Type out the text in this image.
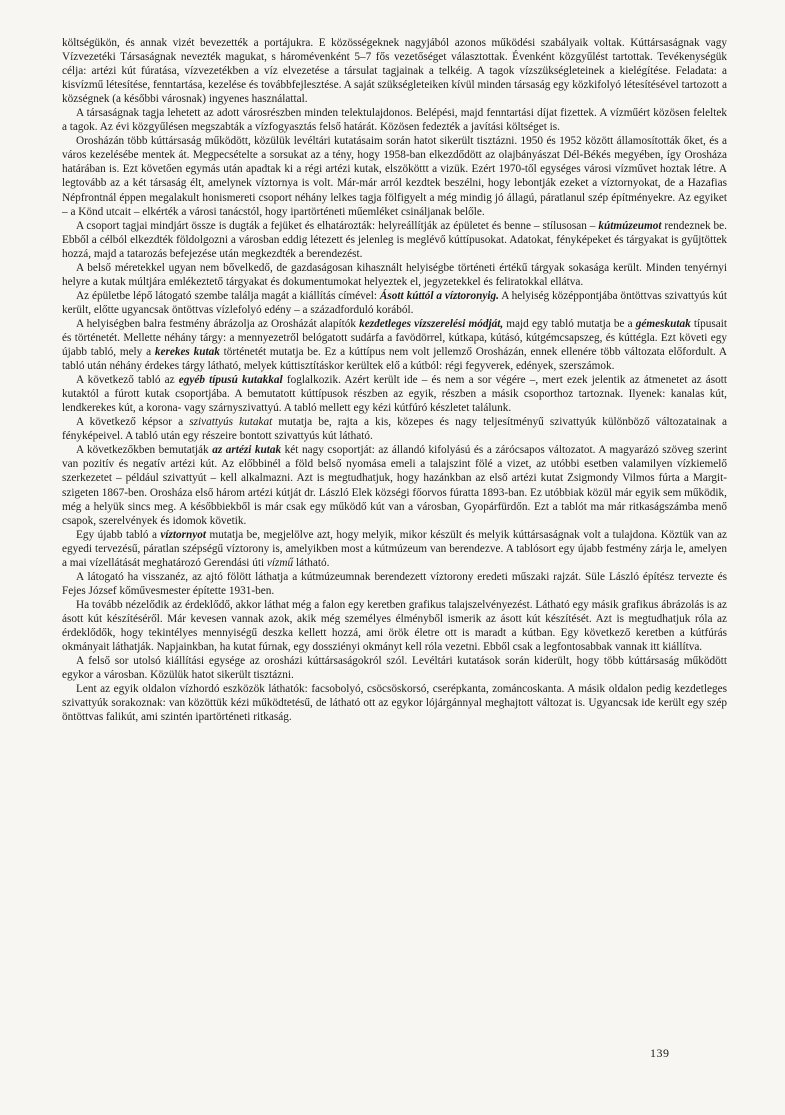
költségükön, és annak vizét bevezették a portájukra. E közösségeknek nagyjából azonos működési szabályaik voltak. Kúttársaságnak vagy Vízvezetéki Társaságnak nevezték magukat, s háromévenként 5–7 fős vezetőséget választottak. Évenként közgyűlést tartottak. Tevékenységük célja: artézi kút fúratása, vízvezetékben a víz elvezetése a társulat tagjainak a telkéig. A tagok vízszükségleteinek a kielégítése. Feladata: a kisvízmű létesítése, fenntartása, kezelése és továbbfejlesztése. A saját szükségleteiken kívül minden társaság egy közkifolyó létesítésével tartozott a községnek (a későbbi városnak) ingyenes használattal.

A társaságnak tagja lehetett az adott városrészben minden telektulajdonos. Belépési, majd fenntartási díjat fizettek. A vízműért közösen feleltek a tagok. Az évi közgyűlésen megszabták a vízfogyasztás felső határát. Közösen fedezték a javítási költséget is.

Orosházán több kúttársaság működött, közülük levéltári kutatásaim során hatot sikerült tisztázni. 1950 és 1952 között államosították őket, és a város kezelésébe mentek át. Megpecsételte a sorsukat az a tény, hogy 1958-ban elkezdődött az olajbányászat Dél-Békés megyében, így Orosháza határában is. Ezt követően egymás után apadtak ki a régi artézi kutak, elszököttt a vizük. Ezért 1970-től egységes városi vízművet hoztak létre. A legtovább az a két társaság élt, amelynek víztornya is volt. Már-már arról kezdtek beszélni, hogy lebontják ezeket a víztornyokat, de a Hazafias Népfrontnál éppen megalakult honismereti csoport néhány lelkes tagja fölfigyelt a még mindig jó állagú, páratlanul szép építményekre. Az egyiket – a Könd utcait – elkérték a városi tanácstól, hogy ipartörténeti műemléket csináljanak belőle.

A csoport tagjai mindjárt össze is dugták a fejüket és elhatározták: helyreállítják az épületet és benne – stílusosan – kútmúzeumot rendeznek be. Ebből a célból elkezdték földolgozni a városban eddig létezett és jelenleg is meglévő kúttípusokat. Adatokat, fényképeket és tárgyakat is gyűjtöttek hozzá, majd a tatarozás befejezése után megkezdték a berendezést.

A belső méretekkel ugyan nem bővelkedő, de gazdaságosan kihasznált helyiségbe történeti értékű tárgyak sokasága került. Minden tenyérnyi helyre a kutak múltjára emlékeztető tárgyakat és dokumentumokat helyeztek el, jegyzetekkel és feliratokkal ellátva.

Az épületbe lépő látogató szembe találja magát a kiállítás címével: Ásott kúttól a víztoronyig. A helyiség középpontjába öntöttvas szivattyús kút került, előtte ugyancsak öntöttvas vízlefolyó edény – a századforduló korából.

A helyiségben balra festmény ábrázolja az Orosházát alapítók kezdetleges vízszerelési módját, majd egy tabló mutatja be a gémeskutak típusait és történetét. Mellette néhány tárgy: a mennyezetről belógatott sudárfa a favödörrel, kútkapa, kútásó, kútgémcsapszeg, és kúttégla. Ezt követi egy újabb tabló, mely a kerekes kutak történetét mutatja be. Ez a kúttípus nem volt jellemző Orosházán, ennek ellenére több változata előfordult. A tabló után néhány érdekes tárgy látható, melyek kúttisztításkor kerültek elő a kútból: régi fegyverek, edények, szerszámok.

A következő tabló az egyéb típusú kutakkal foglalkozik. Azért került ide – és nem a sor végére –, mert ezek jelentik az átmenetet az ásott kutaktól a fúrott kutak csoportjába. A bemutatott kúttípusok részben az egyik, részben a másik csoporthoz tartoznak. Ilyenek: kanalas kút, lendkerekes kút, a korona- vagy szárnyszivattyú. A tabló mellett egy kézi kútfúró készletet találunk.

A következő képsor a szivattyús kutakat mutatja be, rajta a kis, közepes és nagy teljesítményű szivattyúk különböző változatainak a fényképeivel. A tabló után egy részeire bontott szivattyús kút látható.

A következőkben bemutatják az artézi kutak két nagy csoportját: az állandó kifolyású és a zárócsapos változatot. A magyarázó szöveg szerint van pozitív és negatív artézi kút. Az előbbinél a föld belső nyomása emeli a talajszint fölé a vizet, az utóbbi esetben valamilyen vízkiemelő szerkezetet – például szivattyút – kell alkalmazni. Azt is megtudhatjuk, hogy hazánkban az első artézi kutat Zsigmondy Vilmos fúrta a Margit-szigeten 1867-ben. Orosháza első három artézi kútját dr. László Elek községi főorvos fúratta 1893-ban. Ez utóbbiak közül már egyik sem működik, még a helyük sincs meg. A későbbiekből is már csak egy működő kút van a városban, Gyopárfürdőn. Ezt a tablót ma már ritkaságszámba menő csapok, szerelvények és idomok követik.

Egy újabb tabló a víztornyot mutatja be, megjelölve azt, hogy melyik, mikor készült és melyik kúttársaságnak volt a tulajdona. Köztük van az egyedi tervezésű, páratlan szépségű víztorony is, amelyikben most a kútmúzeum van berendezve. A tablósort egy újabb festmény zárja le, amelyen a mai vízellátását meghatározó Gerendási úti vízmű látható.

A látogató ha visszanéz, az ajtó fölött láthatja a kútmúzeumnak berendezett víztorony eredeti műszaki rajzát. Süle László építész tervezte és Fejes József kőművesmester építette 1931-ben.

Ha tovább nézelődik az érdeklődő, akkor láthat még a falon egy keretben grafikus talajszelvényezést. Látható egy másik grafikus ábrázolás is az ásott kút készítéséről. Már kevesen vannak azok, akik még személyes élményből ismerik az ásott kút készítését. Azt is megtudhatjuk róla az érdeklődők, hogy tekintélyes mennyiségű deszka kellett hozzá, ami örök életre ott is maradt a kútban. Egy következő keretben a kútfúrás okmányait láthatják. Napjainkban, ha kutat fúrnak, egy dossziényi okmányt kell róla vezetni. Ebből csak a legfontosabbak vannak itt kiállítva.

A felső sor utolsó kiállítási egysége az orosházi kúttársaságokról szól. Levéltári kutatások során kiderült, hogy több kúttársaság működött egykor a városban. Közülük hatot sikerült tisztázni.

Lent az egyik oldalon vízhordó eszközök láthatók: facsobolyó, csöcsöskorsó, cserépkanta, zománcoskanta. A másik oldalon pedig kezdetleges szivattyúk sorakoznak: van közöttük kézi működtetésű, de látható ott az egykor lójárgánnyal meghajtott változat is. Ugyancsak ide került egy szép öntöttvas falikút, ami szintén ipartörténeti ritkaság.

139
